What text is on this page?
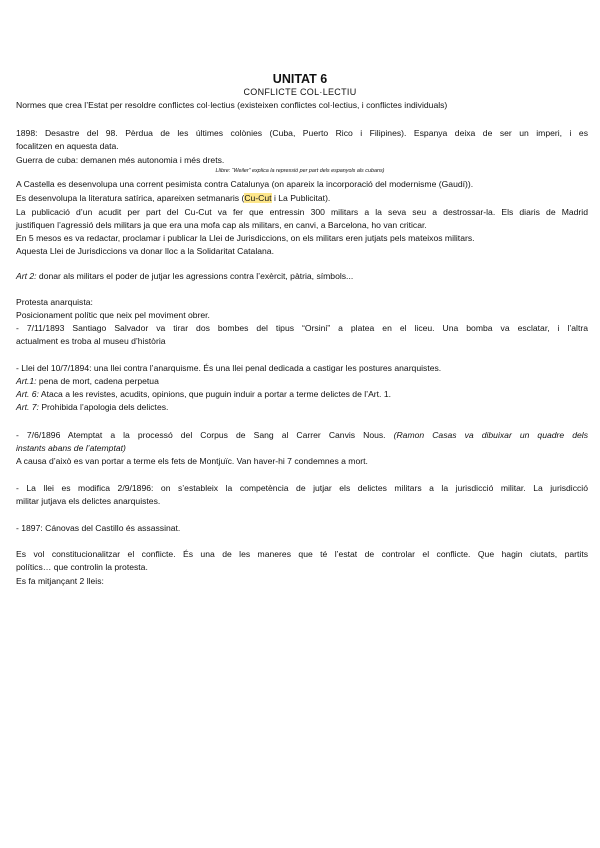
UNITAT 6
CONFLICTE COL·LECTIU
Normes que crea l’Estat per resoldre conflictes col·lectius (existeixen conflictes col·lectius, i conflictes individuals)
1898: Desastre del 98. Pèrdua de les últimes colònies (Cuba, Puerto Rico i Filipines). Espanya deixa de ser un imperi, i es
focalitzen en aquesta data.
Guerra de cuba: demanen més autonomia i més drets.
Llibre: “Weiler” explica la repressió per part dels espanyols als cubans)
A Castella es desenvolupa una corrent pesimista contra Catalunya (on apareix la incorporació del modernisme (Gaudí)).
Es desenvolupa la literatura satírica, apareixen setmanaris (Cu-Cut i La Publicitat).
La publicació d’un acudit per part del Cu-Cut va fer que entressin 300 militars a la seva seu a destrossar-la. Els diaris de Madrid
justifiquen l’agressió dels militars ja que era una mofa cap als militars, en canvi, a Barcelona, ho van criticar.
En 5 mesos es va redactar, proclamar i publicar la Llei de Jurisdiccions, on els militars eren jutjats pels mateixos militars.
Aquesta Llei de Jurisdiccions va donar lloc a la Solidaritat Catalana.
Art 2: donar als militars el poder de jutjar les agressions contra l’exèrcit, pàtria, símbols...
Protesta anarquista:
Posicionament polític que neix pel moviment obrer.
- 7/11/1893 Santiago Salvador va tirar dos bombes del tipus “Orsini” a platea en el liceu. Una bomba va esclatar, i l’altra
actualment es troba al museu d’història
- Llei del 10/7/1894: una llei contra l’anarquisme. És una llei penal dedicada a castigar les postures anarquistes.
Art.1: pena de mort, cadena perpetua
Art. 6: Ataca a les revistes, acudits, opinions, que puguin induir a portar a terme delictes de l’Art. 1.
Art. 7: Prohibida l’apologia dels delictes.
- 7/6/1896 Atemptat a la processó del Corpus de Sang al Carrer Canvis Nous. (Ramon Casas va dibuixar un quadre dels
instants abans de l’atemptat)
A causa d’això es van portar a terme els fets de Montjuïc. Van haver-hi 7 condemnes a mort.
- La llei es modifica 2/9/1896: on s’estableix la competència de jutjar els delictes militars a la jurisdicció militar. La jurisdicció
militar jutjava els delictes anarquistes.
- 1897: Cánovas del Castillo és assassinat.
Es vol constitucionalitzar el conflicte. És una de les maneres que té l’estat de controlar el conflicte. Que hagin ciutats, partits
polítics… que controlin la protesta.
Es fa mitjançant 2 lleis:
